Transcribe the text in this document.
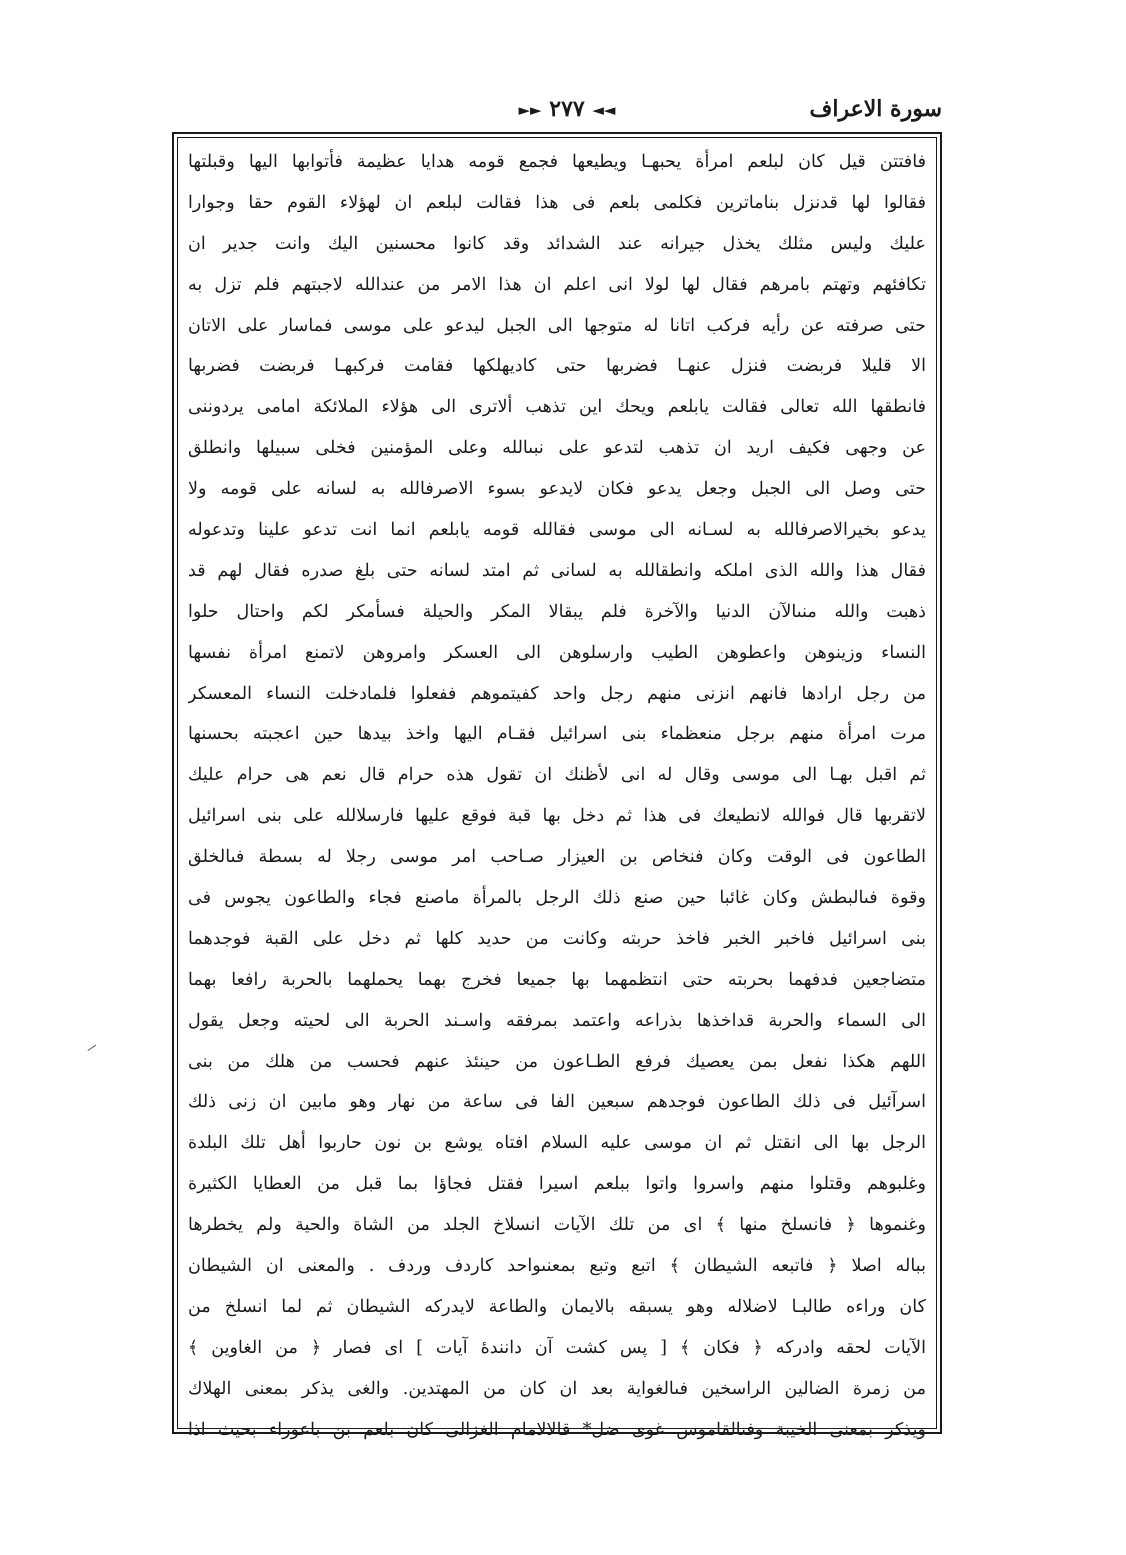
سورة الاعراف
◄◄ ٢٧٧ ►►
فافتتن قيل كان لبلعم امرأة يحبهـا ويطيعها فجمع قومه هدايا عظيمة فأتوابها اليها وقبلتها
فقالوا لها قدنزل بناماترين فكلمى بلعم فى هذا فقالت لبلعم ان لهؤلاء القوم حقا وجوارا
عليك وليس مثلك يخذل جيرانه عند الشدائد وقد كانوا محسنين اليك وانت جدير ان
تكافئهم وتهتم بامرهم فقال لها لولا انى اعلم ان هذا الامر من عندالله لاجبتهم فلم تزل به
حتى صرفته عن رأيه فركب اتانا له متوجها الى الجبل ليدعو على موسى فماسار على الاتان
الا قليلا فربضت فنزل عنهـا فضربها حتى كاديهلكها فقامت فركبهـا فربضت فضربها
فانطقها الله تعالى فقالت يابلعم ويحك اين تذهب ألاترى الى هؤلاء الملائكة امامى يردوننى
عن وجهى فكيف اريد ان تذهب لتدعو على نبىالله وعلى المؤمنين فخلى سبيلها وانطلق
حتى وصل الى الجبل وجعل يدعو فكان لايدعو بسوء الاصرفالله به لسانه على قومه ولا
يدعو بخيرالاصرفالله به لسـانه الى موسى فقالله قومه يابلعم انما انت تدعو علينا وتدعوله
فقال هذا والله الذى املكه وانطقالله به لسانى ثم امتد لسانه حتى بلغ صدره فقال لهم قد
ذهبت والله منىالآن الدنيا والآخرة فلم يبقالا المكر والحيلة فسأمكر لكم واحتال حلوا
النساء وزينوهن واعطوهن الطيب وارسلوهن الى العسكر وامروهن لاتمنع امرأة نفسها
من رجل ارادها فانهم انزنى منهم رجل واحد كفيتموهم ففعلوا فلمادخلت النساء المعسكر
مرت امرأة منهم برجل منعظماء بنى اسرائيل فقـام اليها واخذ بيدها حين اعجبته بحسنها
ثم اقبل بهـا الى موسى وقال له انى لأظنك ان تقول هذه حرام قال نعم هى حرام عليك
لاتقربها قال فوالله لانطيعك فى هذا ثم دخل بها قبة فوقع عليها فارسلالله على بنى اسرائيل
الطاعون فى الوقت وكان فنخاص بن العيزار صـاحب امر موسى رجلا له بسطة فىالخلق
وقوة فىالبطش وكان غائبا حين صنع ذلك الرجل بالمرأة ماصنع فجاء والطاعون يجوس فى
بنى اسرائيل فاخبر الخبر فاخذ حربته وكانت من حديد كلها ثم دخل على القبة فوجدهما
متضاجعين فدفهما بحربته حتى انتظمهما بها جميعا فخرج بهما يحملهما بالحربة رافعا بهما
الى السماء والحربة قداخذها بذراعه واعتمد بمرفقه واسـند الحربة الى لحيته وجعل يقول
اللهم هكذا نفعل بمن يعصيك فرفع الطـاعون من حينئذ عنهم فحسب من هلك من بنى
اسرآئيل فى ذلك الطاعون فوجدهم سبعين الفا فى ساعة من نهار وهو مابين ان زنى ذلك
الرجل بها الى انقتل ثم ان موسى عليه السلام افتاه يوشع بن نون حاربوا أهل تلك البلدة
وغلبوهم وقتلوا منهم واسروا واتوا ببلعم اسيرا فقتل فجاؤا بما قبل من العطايا الكثيرة
وغنموها ﴿ فانسلخ منها ﴾ اى من تلك الآيات انسلاخ الجلد من الشاة والحية ولم يخطرها
بباله اصلا ﴿ فاتبعه الشيطان ﴾ اتبع وتبع بمعنىواحد كاردف وردف . والمعنى ان الشيطان
كان وراءه طالبـا لاضلاله وهو يسبقه بالايمان والطاعة لايدركه الشيطان ثم لما انسلخ من
الآيات لحقه وادركه ﴿ فكان ﴾ [ پس كشت آن دانندهٔ آيات ] اى فصار ﴿ من الغاوين ﴾
من زمرة الضالين الراسخين فىالغواية بعد ان كان من المهتدين. والغى يذكر بمعنى الهلاك
ويذكر بمعنى الخيبة وفىالقاموس غوى ضل* قالالامام الغزالى كان بلعم بن باعوراء بحيث اذا
